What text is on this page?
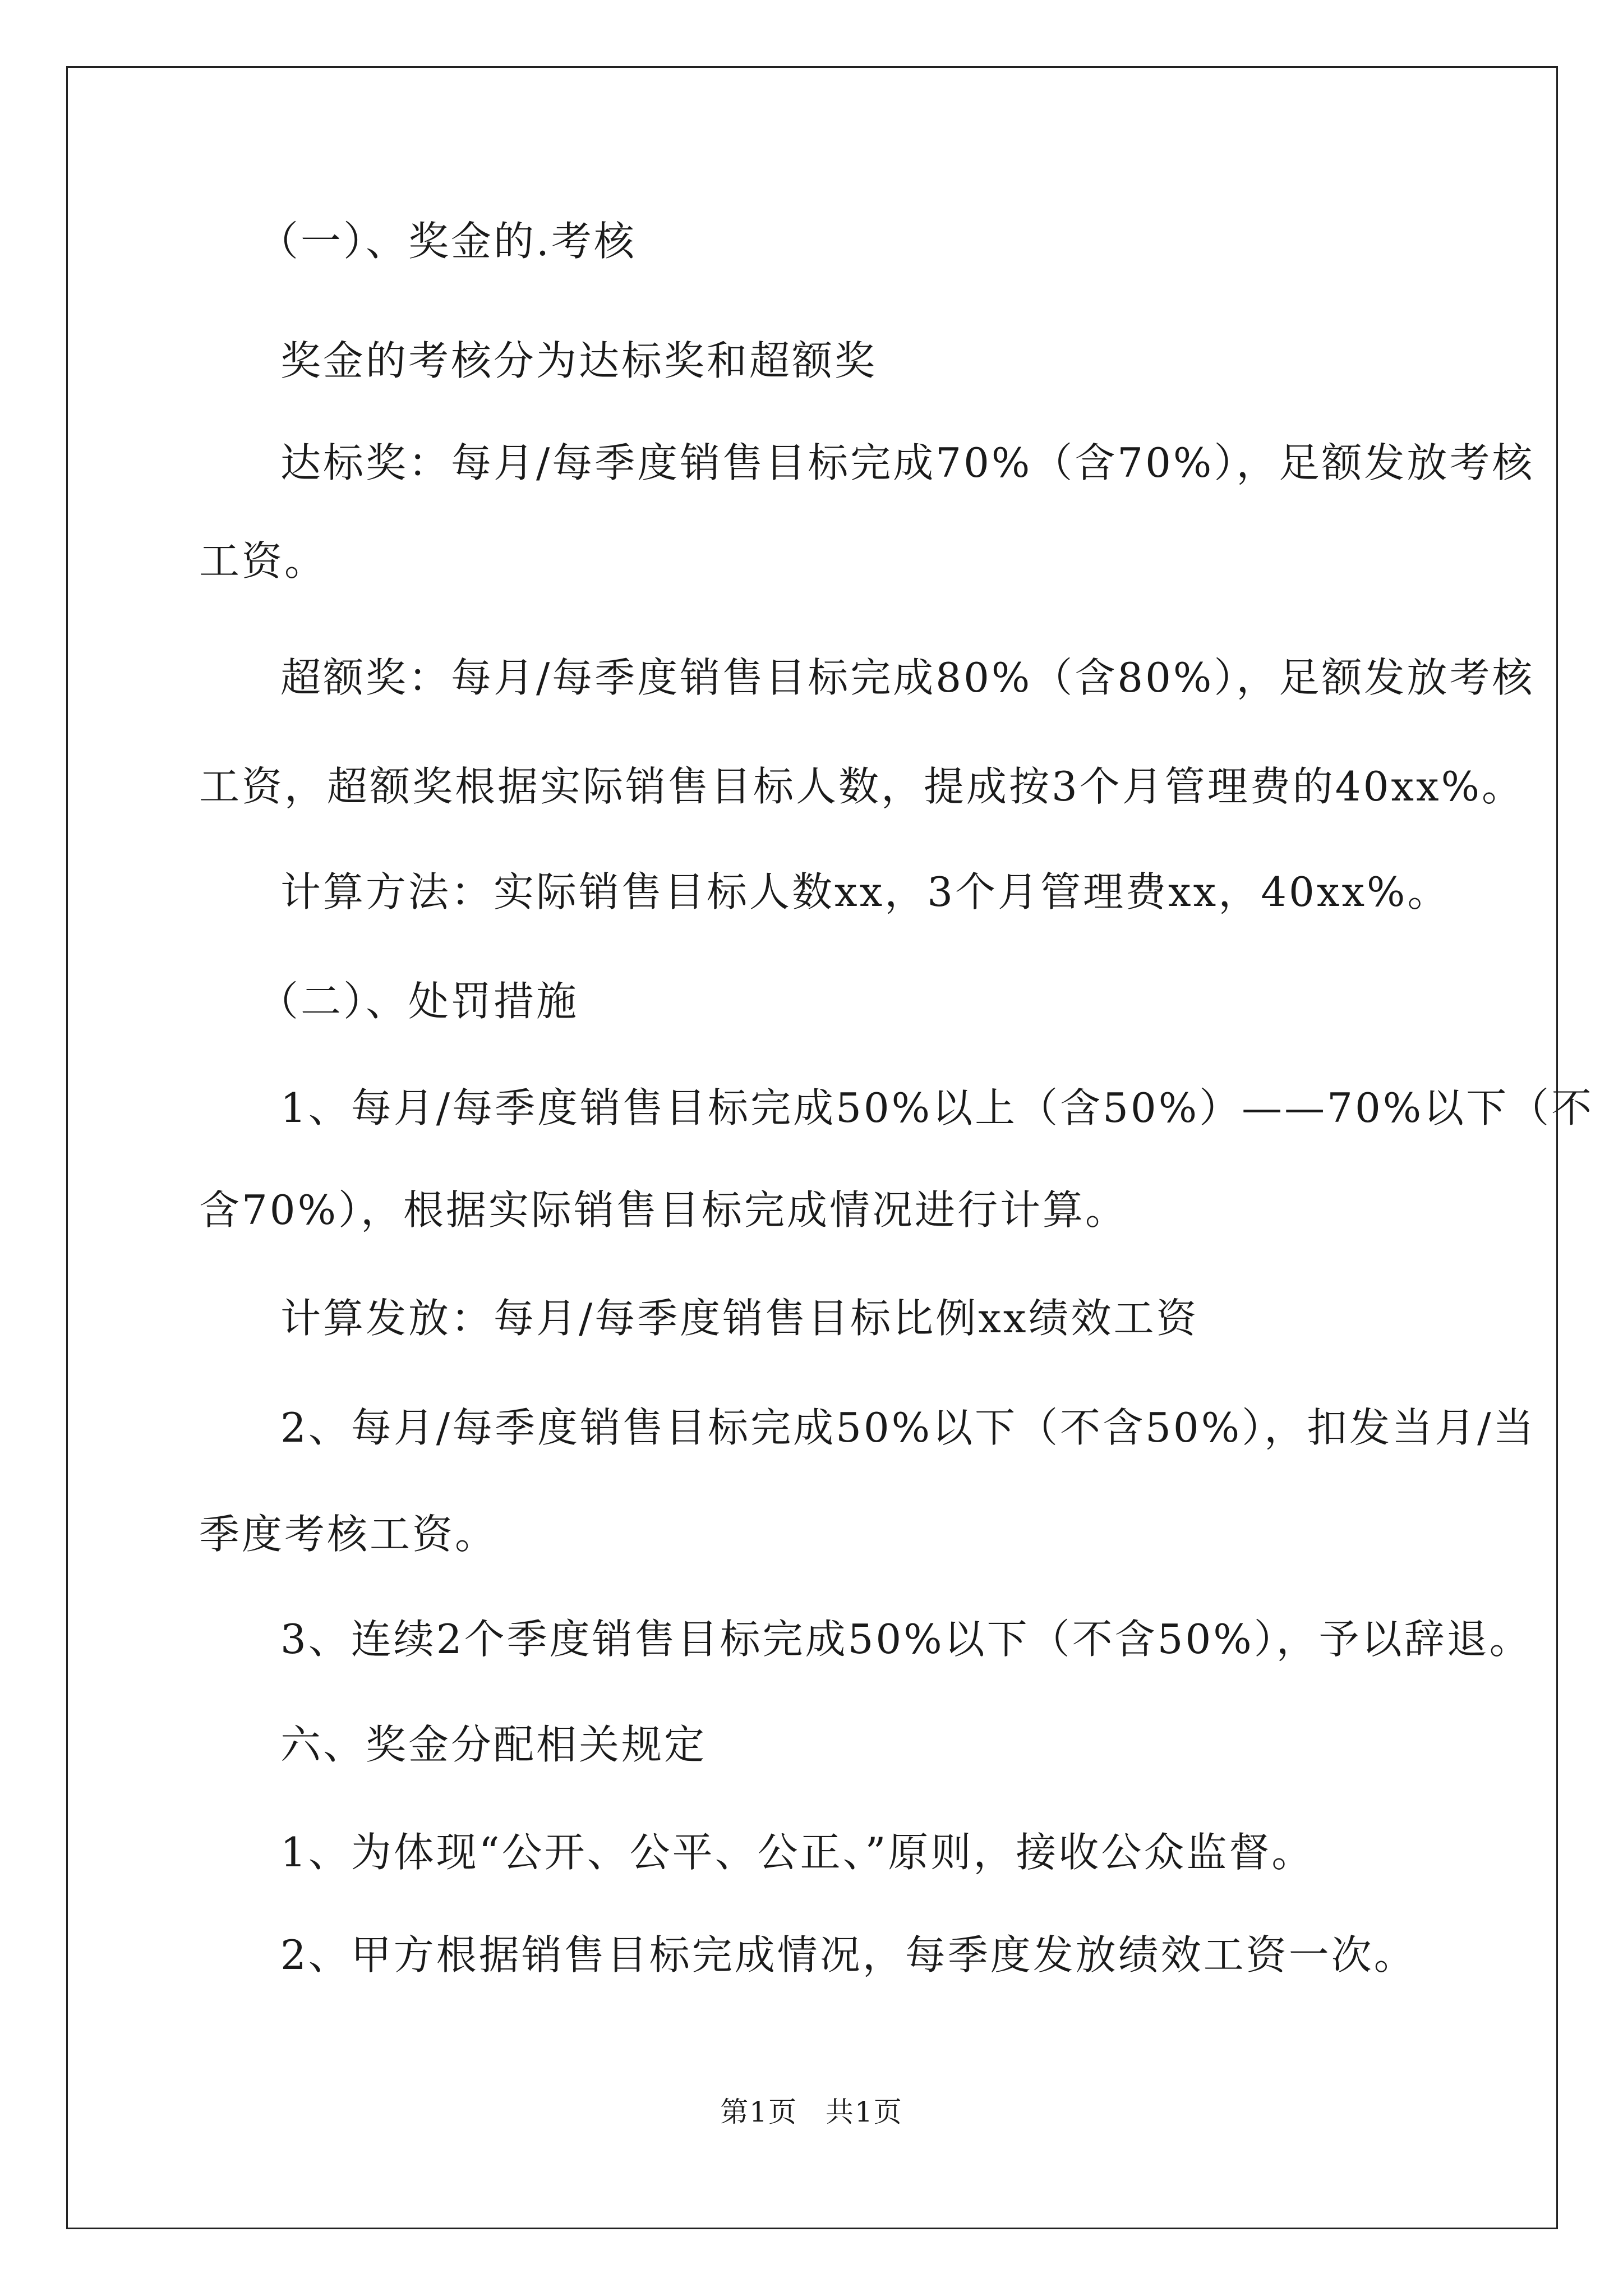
（一）、奖金的.考核
奖金的考核分为达标奖和超额奖
达标奖：每月/每季度销售目标完成70%（含70%），足额发放考核
工资。
超额奖：每月/每季度销售目标完成80%（含80%），足额发放考核
工资，超额奖根据实际销售目标人数，提成按3个月管理费的40xx%。
计算方法：实际销售目标人数xx，3个月管理费xx，40xx%。
（二）、处罚措施
1、每月/每季度销售目标完成50%以上（含50%）——70%以下（不
含70%），根据实际销售目标完成情况进行计算。
计算发放：每月/每季度销售目标比例xx绩效工资
2、每月/每季度销售目标完成50%以下（不含50%），扣发当月/当
季度考核工资。
3、连续2个季度销售目标完成50%以下（不含50%），予以辞退。
六、奖金分配相关规定
1、为体现“公开、公平、公正、”原则，接收公众监督。
2、甲方根据销售目标完成情况，每季度发放绩效工资一次。
第1页 共1页
